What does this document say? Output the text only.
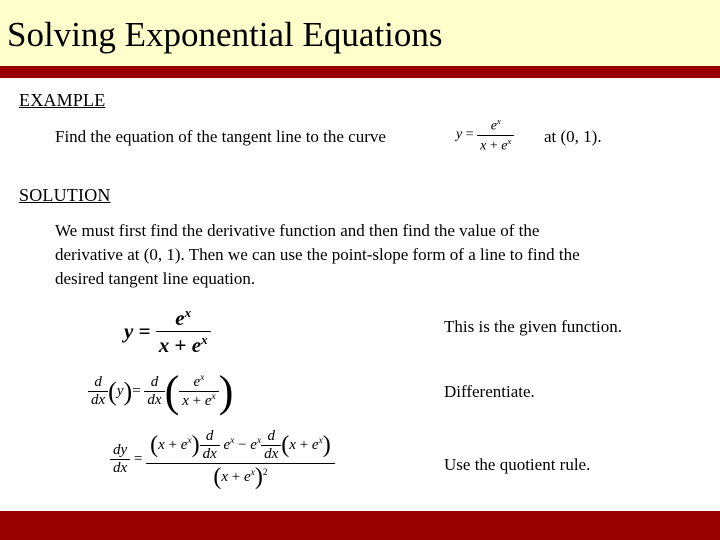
Solving Exponential Equations
EXAMPLE
Find the equation of the tangent line to the curve	$y = \frac{e^x}{x + e^x}$ at (0, 1).
SOLUTION
We must first find the derivative function and then find the value of the
derivative at (0, 1). Then we can use the point-slope form of a line to find the
desired tangent line equation.
$y = \frac{e^x}{x + e^x}$	This is the given function.
$\frac{d}{dx} (y)= \frac{d}{dx}$ ( $\frac{e^x}{x + e^x}$ )	Differentiate.
$\frac{dy}{dx} = \frac{(x + e^x) \frac{d}{dx} e^x - e^x \frac{d}{dx} (x + e^x)}{(x + e^x)^2}$	Use the quotient rule.
